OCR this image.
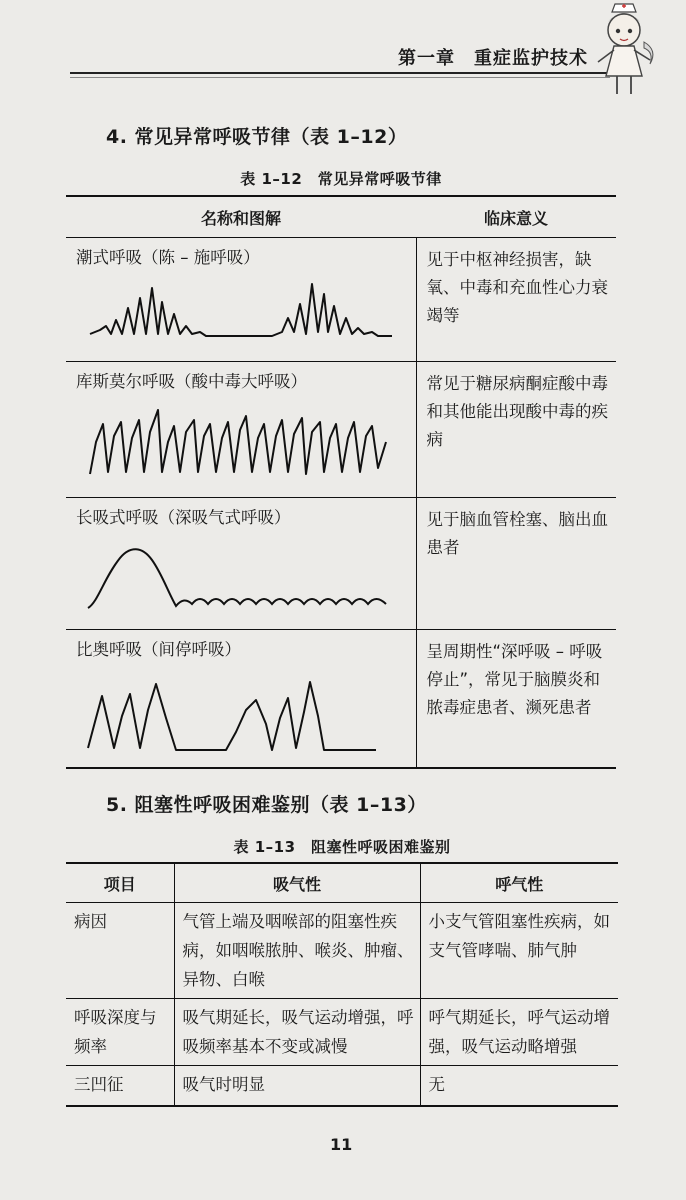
第一章　重症监护技术
4. 常见异常呼吸节律（表 1–12）
表 1–12　常见异常呼吸节律
名称和图解	临床意义

潮式呼吸（陈 – 施呼吸）	见于中枢神经损害，缺氧、中毒和充血性心力衰竭等

库斯莫尔呼吸（酸中毒大呼吸）	常见于糖尿病酮症酸中毒和其他能出现酸中毒的疾病

长吸式呼吸（深吸气式呼吸）	见于脑血管栓塞、脑出血患者

比奥呼吸（间停呼吸）	呈周期性“深呼吸 – 呼吸停止”，常见于脑膜炎和脓毒症患者、濒死患者
5. 阻塞性呼吸困难鉴别（表 1–13）
表 1–13　阻塞性呼吸困难鉴别
项目	吸气性	呼气性
病因	气管上端及咽喉部的阻塞性疾病，如咽喉脓肿、喉炎、肿瘤、异物、白喉	小支气管阻塞性疾病，如支气管哮喘、肺气肿
呼吸深度与频率	吸气期延长，吸气运动增强，呼吸频率基本不变或减慢	呼气期延长，呼气运动增强，吸气运动略增强
三凹征	吸气时明显	无
11
